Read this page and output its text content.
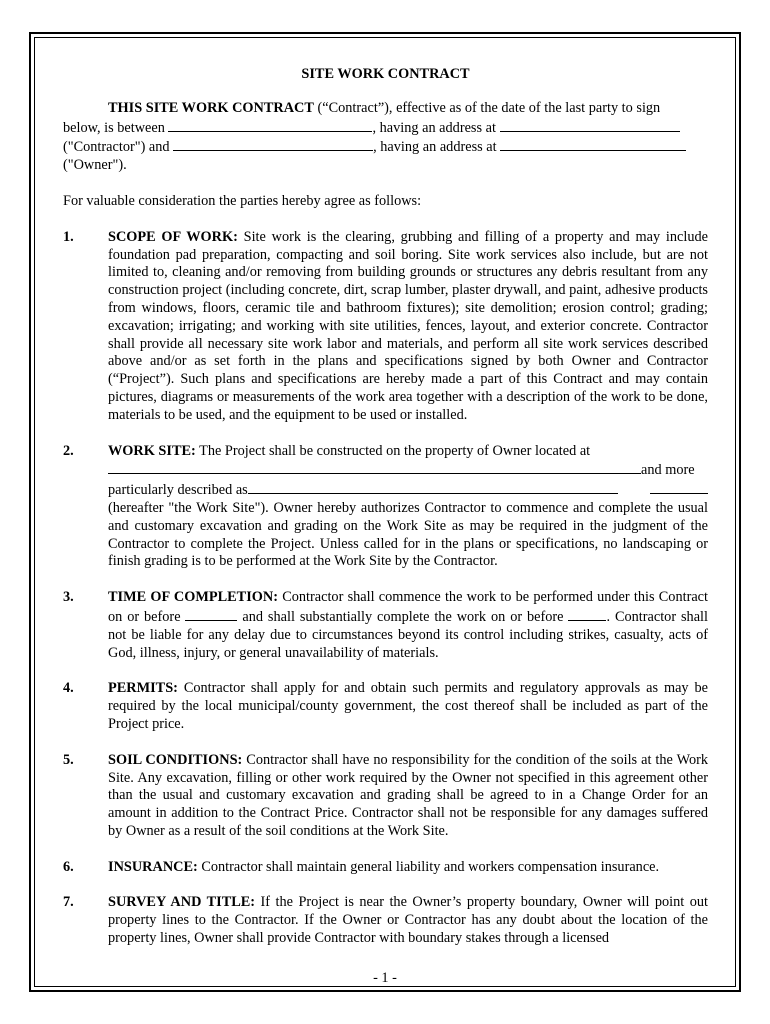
SITE WORK CONTRACT

THIS SITE WORK CONTRACT (“Contract”), effective as of the date of the last party to sign
below, is between	, having an address at
("Contractor") and	, having an address at
("Owner").

For valuable consideration the parties hereby agree as follows:

1. SCOPE OF WORK: Site work is the clearing, grubbing and filling of a property and may include foundation pad preparation, compacting and soil boring. Site work services also include, but are not limited to, cleaning and/or removing from building grounds or structures any debris resultant from any construction project (including concrete, dirt, scrap lumber, plaster drywall, and paint, adhesive products from windows, floors, ceramic tile and bathroom fixtures); site demolition; erosion control; grading; excavation; irrigating; and working with site utilities, fences, layout, and exterior concrete. Contractor shall provide all necessary site work labor and materials, and perform all site work services described above and/or as set forth in the plans and specifications signed by both Owner and Contractor (“Project”). Such plans and specifications are hereby made a part of this Contract and may contain pictures, diagrams or measurements of the work area together with a description of the work to be done, materials to be used, and the equipment to be used or installed.
2. WORK SITE: The Project shall be constructed on the property of Owner located at
and more
particularly described as
(hereafter "the Work Site"). Owner hereby authorizes Contractor to commence and complete the usual and customary excavation and grading on the Work Site as may be required in the judgment of the Contractor to complete the Project. Unless called for in the plans or specifications, no landscaping or finish grading is to be performed at the Work Site by the Contractor.
3. TIME OF COMPLETION: Contractor shall commence the work to be performed under this Contract on or before	and shall substantially complete the work on or before	. Contractor shall not be liable for any delay due to circumstances beyond its control including strikes, casualty, acts of God, illness, injury, or general unavailability of materials.
4. PERMITS: Contractor shall apply for and obtain such permits and regulatory approvals as may be required by the local municipal/county government, the cost thereof shall be included as part of the Project price.
5. SOIL CONDITIONS: Contractor shall have no responsibility for the condition of the soils at the Work Site. Any excavation, filling or other work required by the Owner not specified in this agreement other than the usual and customary excavation and grading shall be agreed to in a Change Order for an amount in addition to the Contract Price. Contractor shall not be responsible for any damages suffered by Owner as a result of the soil conditions at the Work Site.
6. INSURANCE: Contractor shall maintain general liability and workers compensation insurance.
7. SURVEY AND TITLE: If the Project is near the Owner’s property boundary, Owner will point out property lines to the Contractor. If the Owner or Contractor has any doubt about the location of the property lines, Owner shall provide Contractor with boundary stakes through a licensed
- 1 -
